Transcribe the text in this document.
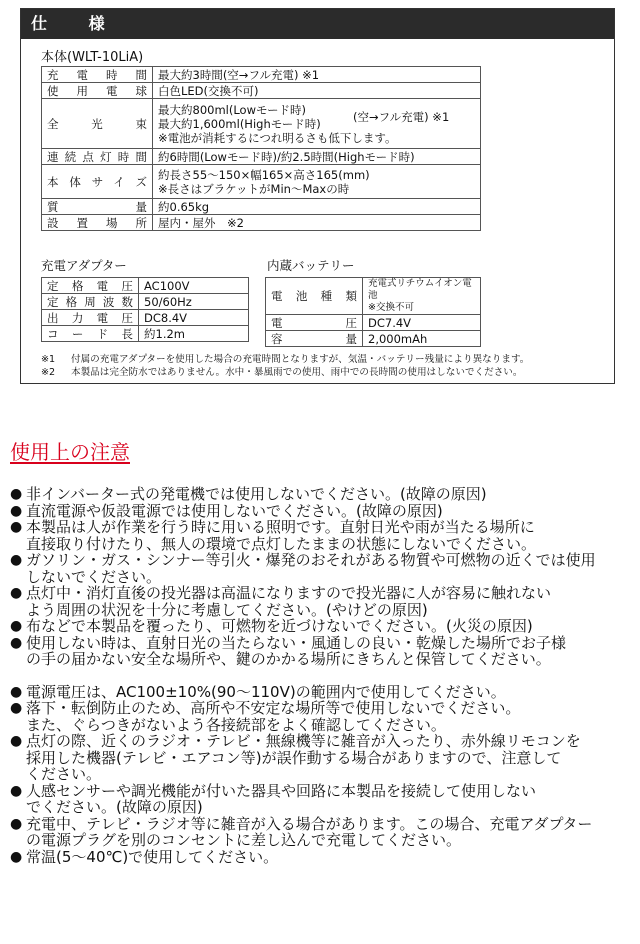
仕 様
本体(WLT-10LiA)
充電時間	最大約3時間(空→フル充電) ※1
使用電球	白色LED(交換不可)
全光束	最大約800ml(Lowモード時)
最大約1,600ml(Highモード時)
※電池が消耗するにつれ明るさも低下します。
(空→フル充電) ※1

連続点灯時間	約6時間(Lowモード時)/約2.5時間(Highモード時)
本体サイズ	約長さ55〜150×幅165×高さ165(mm)
※長さはブラケットがMin〜Maxの時

質量	約0.65kg
設置場所	屋内・屋外　※2
充電アダプター	内蔵バッテリー
定格電圧	AC100V
定格周波数	50/60Hz
出力電圧	DC8.4V
コード長	約1.2m
電池種類	充電式リチウムイオン電池
※交換不可

電圧	DC7.4V
容量	2,000mAh
※1	付属の充電アダプターを使用した場合の充電時間となりますが、気温・バッテリー残量により異なります。
※2	本製品は完全防水ではありません。水中・暴風雨での使用、雨中での長時間の使用はしないでください。
使用上の注意
● 非インバーター式の発電機では使用しないでください。(故障の原因)
● 直流電源や仮設電源では使用しないでください。(故障の原因)
● 本製品は人が作業を行う時に用いる照明です。直射日光や雨が当たる場所に
直接取り付けたり、無人の環境で点灯したままの状態にしないでください。
● ガソリン・ガス・シンナー等引火・爆発のおそれがある物質や可燃物の近くでは使用
しないでください。
● 点灯中・消灯直後の投光器は高温になりますので投光器に人が容易に触れない
よう周囲の状況を十分に考慮してください。(やけどの原因)
● 布などで本製品を覆ったり、可燃物を近づけないでください。(火災の原因)
● 使用しない時は、直射日光の当たらない・風通しの良い・乾燥した場所でお子様
の手の届かない安全な場所や、鍵のかかる場所にきちんと保管してください。
● 電源電圧は、AC100±10%(90〜110V)の範囲内で使用してください。
● 落下・転倒防止のため、高所や不安定な場所等で使用しないでください。
また、ぐらつきがないよう各接続部をよく確認してください。
● 点灯の際、近くのラジオ・テレビ・無線機等に雑音が入ったり、赤外線リモコンを
採用した機器(テレビ・エアコン等)が誤作動する場合がありますので、注意して
ください。
● 人感センサーや調光機能が付いた器具や回路に本製品を接続して使用しない
でください。(故障の原因)
● 充電中、テレビ・ラジオ等に雑音が入る場合があります。この場合、充電アダプター
の電源プラグを別のコンセントに差し込んで充電してください。
● 常温(5〜40℃)で使用してください。
